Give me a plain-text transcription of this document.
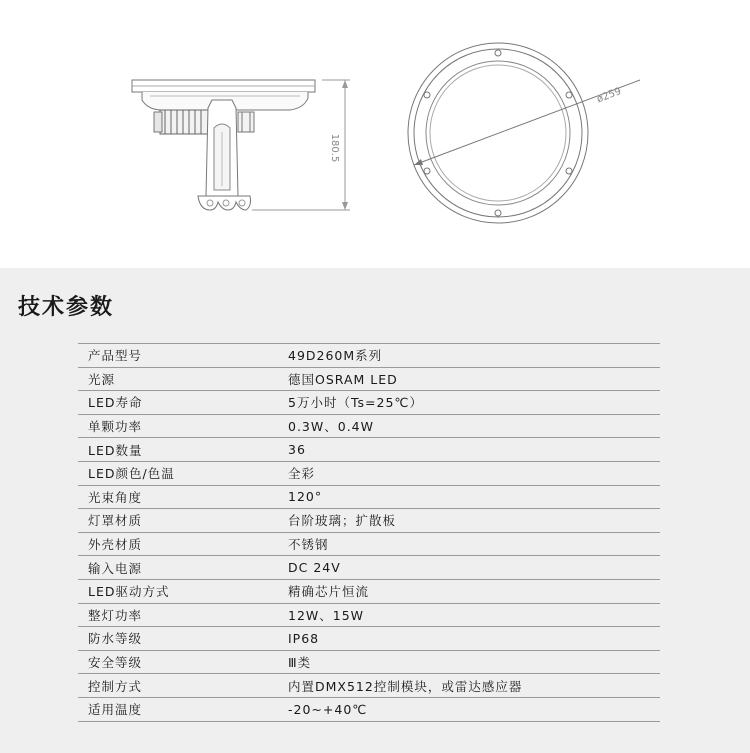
180.5
ø259
技术参数
产品型号	49D260M系列
光源	德国OSRAM LED
LED寿命	5万小时（Ts=25℃）
单颗功率	0.3W、0.4W
LED数量	36
LED颜色/色温	全彩
光束角度	120°
灯罩材质	台阶玻璃；扩散板
外壳材质	不锈钢
输入电源	DC 24V
LED驱动方式	精确芯片恒流
整灯功率	12W、15W
防水等级	IP68
安全等级	Ⅲ类
控制方式	内置DMX512控制模块，或雷达感应器
适用温度	-20~+40℃
